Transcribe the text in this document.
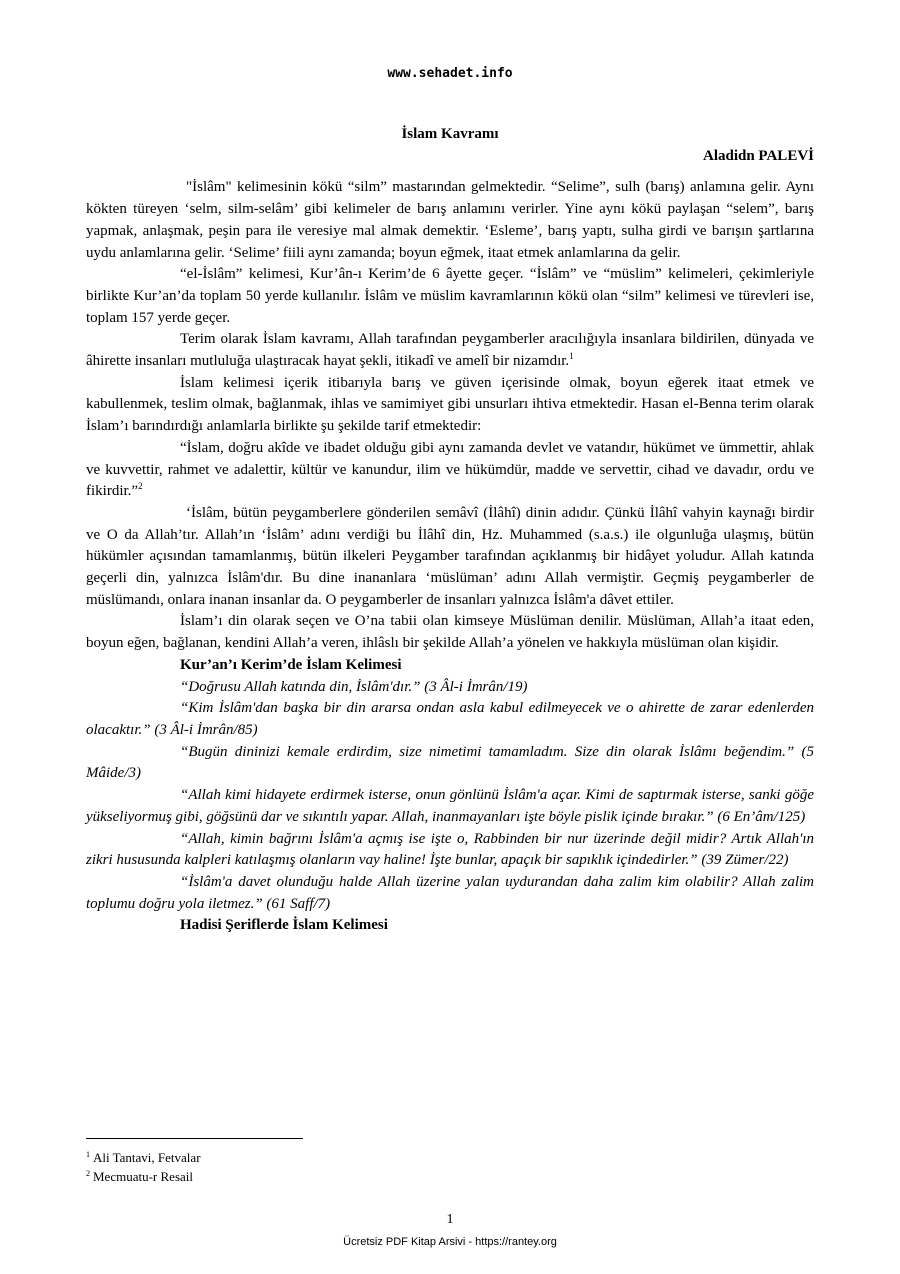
www.sehadet.info

İslam Kavramı

Aladidn PALEVİ

"İslâm" kelimesinin kökü “silm” mastarından gelmektedir. “Selime”, sulh (barış) anlamına gelir. Aynı kökten türeyen ‘selm, silm-selâm’ gibi kelimeler de barış anlamını verirler. Yine aynı kökü paylaşan “selem”, barış yapmak, anlaşmak, peşin para ile veresiye mal almak demektir. ‘Esleme’, barış yaptı, sulha girdi ve barışın şartlarına uydu anlamlarına gelir. ‘Selime’ fiili aynı zamanda; boyun eğmek, itaat etmek anlamlarına da gelir.

“el-İslâm” kelimesi, Kur’ân-ı Kerim’de 6 âyette geçer. “İslâm” ve “müslim” kelimeleri, çekimleriyle birlikte Kur’an’da toplam 50 yerde kullanılır. İslâm ve müslim kavramlarının kökü olan “silm” kelimesi ve türevleri ise, toplam 157 yerde geçer.

Terim olarak İslam kavramı, Allah tarafından peygamberler aracılığıyla insanlara bildirilen, dünyada ve âhirette insanları mutluluğa ulaştıracak hayat şekli, itikadî ve amelî bir nizamdır.$^1$

İslam kelimesi içerik itibarıyla barış ve güven içerisinde olmak, boyun eğerek itaat etmek ve kabullenmek, teslim olmak, bağlanmak, ihlas ve samimiyet gibi unsurları ihtiva etmektedir. Hasan el-Benna terim olarak İslam’ı barındırdığı anlamlarla birlikte şu şekilde tarif etmektedir:

“İslam, doğru akîde ve ibadet olduğu gibi aynı zamanda devlet ve vatandır, hükümet ve ümmettir, ahlak ve kuvvettir, rahmet ve adalettir, kültür ve kanundur, ilim ve hükümdür, madde ve servettir, cihad ve davadır, ordu ve fikirdir.”$^2$

‘İslâm, bütün peygamberlere gönderilen semâvî (İlâhî) dinin adıdır. Çünkü İlâhî vahyin kaynağı birdir ve O da Allah’tır. Allah’ın ‘İslâm’ adını verdiği bu İlâhî din, Hz. Muhammed (s.a.s.) ile olgunluğa ulaşmış, bütün hükümler açısından tamamlanmış, bütün ilkeleri Peygamber tarafından açıklanmış bir hidâyet yoludur. Allah katında geçerli din, yalnızca İslâm'dır. Bu dine inananlara ‘müslüman’ adını Allah vermiştir. Geçmiş peygamberler de müslümandı, onlara inanan insanlar da. O peygamberler de insanları yalnızca İslâm'a dâvet ettiler.

İslam’ı din olarak seçen ve O’na tabii olan kimseye Müslüman denilir. Müslüman, Allah’a itaat eden, boyun eğen, bağlanan, kendini Allah’a veren, ihlâslı bir şekilde Allah’a yönelen ve hakkıyla müslüman olan kişidir.

Kur’an’ı Kerim’de İslam Kelimesi

“Doğrusu Allah katında din, İslâm'dır.” (3 Âl-i İmrân/19)

“Kim İslâm'dan başka bir din ararsa ondan asla kabul edilmeyecek ve o ahirette de zarar edenlerden olacaktır.” (3 Âl-i İmrân/85)

“Bugün dininizi kemale erdirdim, size nimetimi tamamladım. Size din olarak İslâmı beğendim.” (5 Mâide/3)

“Allah kimi hidayete erdirmek isterse, onun gönlünü İslâm'a açar. Kimi de saptırmak isterse, sanki göğe yükseliyormuş gibi, göğsünü dar ve sıkıntılı yapar. Allah, inanmayanları işte böyle pislik içinde bırakır.” (6 En’âm/125)

“Allah, kimin bağrını İslâm'a açmış ise işte o, Rabbinden bir nur üzerinde değil midir? Artık Allah'ın zikri hususunda kalpleri katılaşmış olanların vay haline! İşte bunlar, apaçık bir sapıklık içindedirler.” (39 Zümer/22)

“İslâm'a davet olunduğu halde Allah üzerine yalan uydurandan daha zalim kim olabilir? Allah zalim toplumu doğru yola iletmez.” (61 Saff/7)

Hadisi Şeriflerde İslam Kelimesi

$^1$ Ali Tantavi, Fetvalar
$^2$ Mecmuatu-r Resail
1
Ücretsiz PDF Kitap Arsivi - https://rantey.org
